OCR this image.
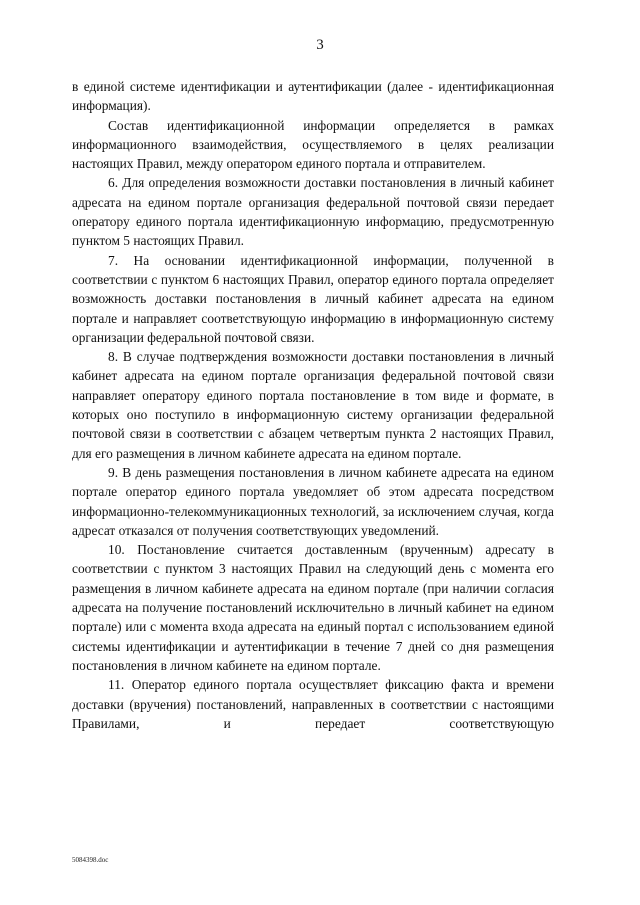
3

в единой системе идентификации и аутентификации (далее - идентификационная информация).

Состав идентификационной информации определяется в рамках информационного взаимодействия, осуществляемого в целях реализации настоящих Правил, между оператором единого портала и отправителем.

6. Для определения возможности доставки постановления в личный кабинет адресата на едином портале организация федеральной почтовой связи передает оператору единого портала идентификационную информацию, предусмотренную пунктом 5 настоящих Правил.

7. На основании идентификационной информации, полученной в соответствии с пунктом 6 настоящих Правил, оператор единого портала определяет возможность доставки постановления в личный кабинет адресата на едином портале и направляет соответствующую информацию в информационную систему организации федеральной почтовой связи.

8. В случае подтверждения возможности доставки постановления в личный кабинет адресата на едином портале организация федеральной почтовой связи направляет оператору единого портала постановление в том виде и формате, в которых оно поступило в информационную систему организации федеральной почтовой связи в соответствии с абзацем четвертым пункта 2 настоящих Правил, для его размещения в личном кабинете адресата на едином портале.

9. В день размещения постановления в личном кабинете адресата на едином портале оператор единого портала уведомляет об этом адресата посредством информационно-телекоммуникационных технологий, за исключением случая, когда адресат отказался от получения соответствующих уведомлений.

10. Постановление считается доставленным (врученным) адресату в соответствии с пунктом 3 настоящих Правил на следующий день с момента его размещения в личном кабинете адресата на едином портале (при наличии согласия адресата на получение постановлений исключительно в личный кабинет на едином портале) или с момента входа адресата на единый портал с использованием единой системы идентификации и аутентификации в течение 7 дней со дня размещения постановления в личном кабинете на едином портале.

11. Оператор единого портала осуществляет фиксацию факта и времени доставки (вручения) постановлений, направленных в соответствии с настоящими Правилами, и передает соответствующую

5084398.doc
